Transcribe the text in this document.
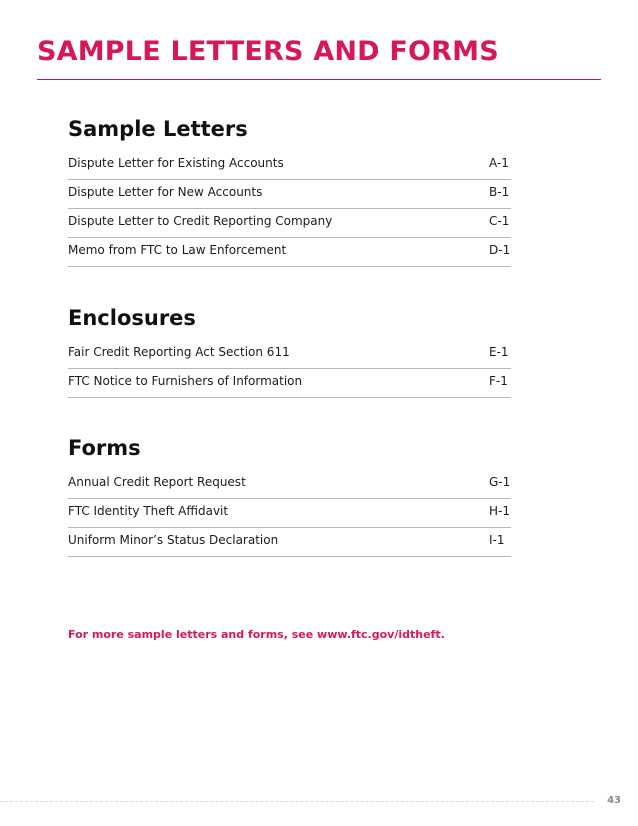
SAMPLE LETTERS AND FORMS
Sample Letters
Dispute Letter for Existing Accounts	A-1
Dispute Letter for New Accounts	B-1
Dispute Letter to Credit Reporting Company	C-1
Memo from FTC to Law Enforcement	D-1
Enclosures
Fair Credit Reporting Act Section 611	E-1
FTC Notice to Furnishers of Information	F-1
Forms
Annual Credit Report Request	G-1
FTC Identity Theft Affidavit	H-1
Uniform Minor’s Status Declaration	I-1

For more sample letters and forms, see www.ftc.gov/idtheft.

43
